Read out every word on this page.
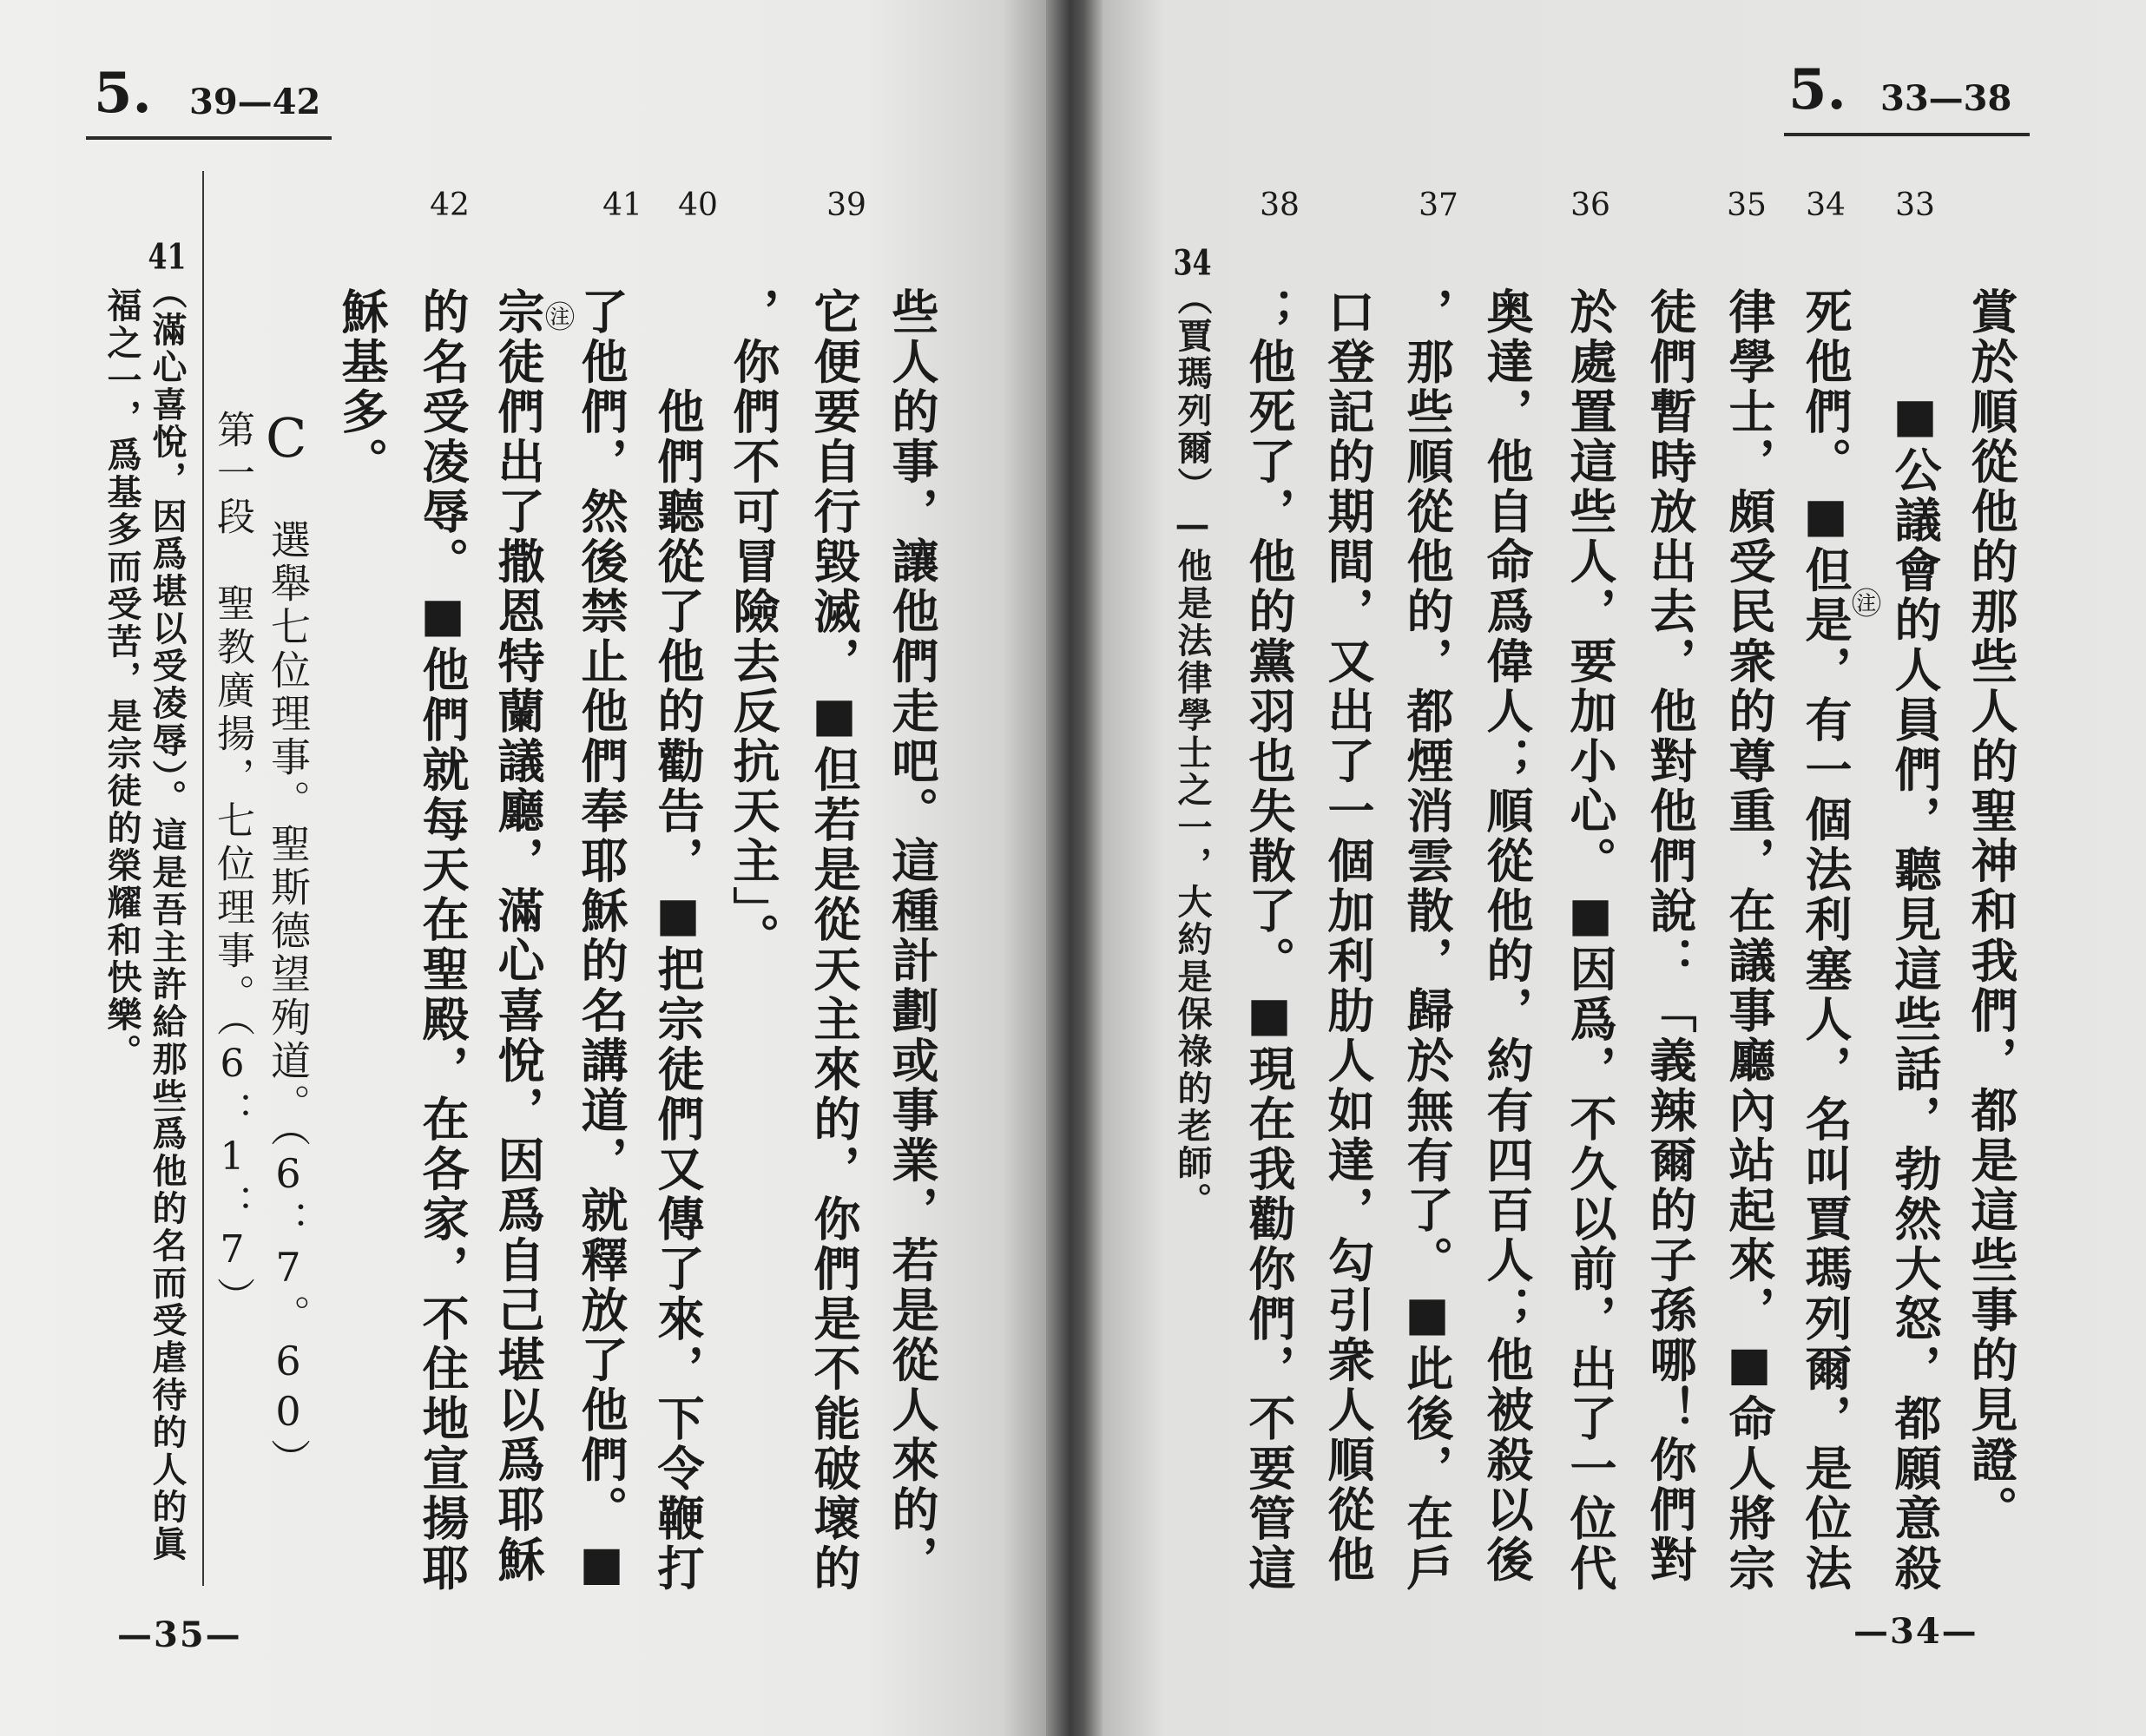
5. 39—42
39
40
41
42
些人的事，讓他們走吧。這種計劃或事業，若是從人來的，
它便要自行毀滅，■但若是從天主來的，你們是不能破壞的
，你們不可冒險去反抗天主」。
他們聽從了他的勸告，■把宗徒們又傳了來，下令鞭打
了他們，然後禁止他們奉耶穌的名講道，就釋放了他們。■
宗徒們出了撒恩特蘭議廳，滿心喜悅，因爲自己堪以爲耶穌
的名受凌辱。■他們就每天在聖殿，在各家，不住地宣揚耶
穌基多。	㊟
C
選舉七位理事。聖斯德望殉道。（6：7。60）
第一段　聖教廣揚，七位理事。（6：1：7）
41（滿心喜悅，因爲堪以受凌辱）。這是吾主許給那些爲他的名而受虐待的人的眞
福之一，爲基多而受苦，是宗徒的榮耀和快樂。
—35—
5. 33—38
33
34
35
36
37
38
賞於順從他的那些人的聖神和我們，都是這些事的見證。
■公議會的人員們，聽見這些話，勃然大怒，都願意殺
死他們。■但是，有一個法利塞人，名叫賈瑪列爾，是位法
律學士，頗受民衆的尊重，在議事廳內站起來，■命人將宗
徒們暫時放出去，他對他們說：「義辣爾的子孫哪！你們對
於處置這些人，要加小心。■因爲，不久以前，出了一位代
奥達，他自命爲偉人；順從他的，約有四百人；他被殺以後
，那些順從他的，都煙消雲散，歸於無有了。■此後，在戶
口登記的期間，又出了一個加利肋人如達，勾引衆人順從他
；他死了，他的黨羽也失散了。■現在我勸你們，不要管這	㊟
34（賈瑪列爾）—他是法律學士之一，大約是保祿的老師。
—34—
